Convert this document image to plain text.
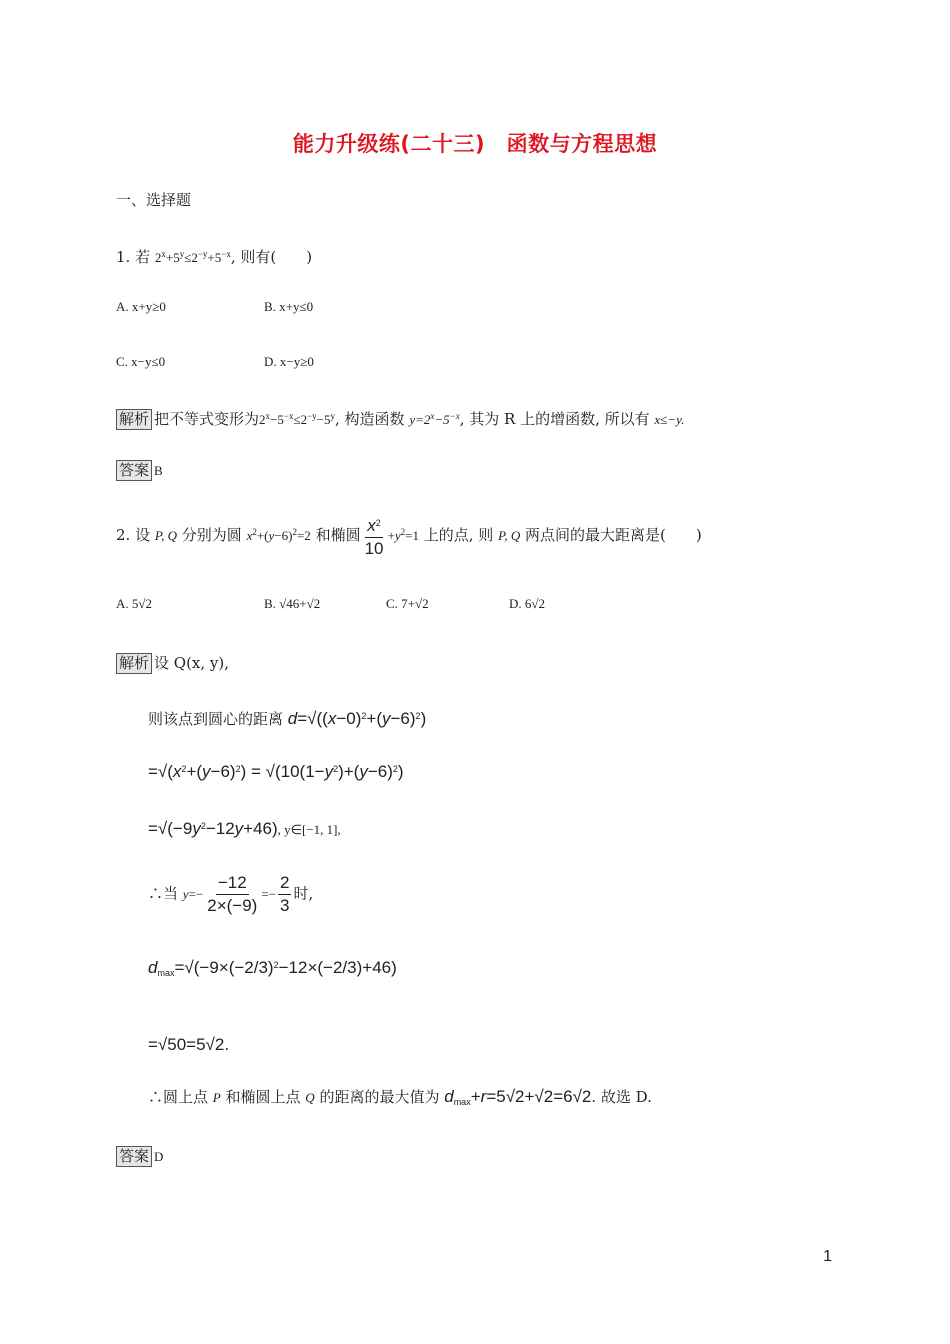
能力升级练(二十三)　函数与方程思想
一、选择题
1. 若 $2^x+5^y\le 2^{-y}+5^{-x}$, 则有(　　)
A. x+y≥0	B. x+y≤0
C. x−y≤0	D. x−y≥0
解析 把不等式变形为$2^x-5^{-x}\le 2^{-y}-5^y$, 构造函数 $y=2^x-5^{-x}$, 其为 R 上的增函数, 所以有 x≤−y.
答案 B
2. 设 P, Q 分别为圆 $x^2+(y-6)^2=2$ 和椭圆 $\frac{x^2}{10} +y^2=1$ 上的点, 则 P, Q 两点间的最大距离是(　　)
A. 5√2	B. √46+√2	C. 7+√2	D. 6√2
解析 设 Q(x, y),
则该点到圆心的距离 $d=√((x-0)^2+(y-6)^2)$
$=√(x^2+(y-6)^2) = √(10(1-y^2)+(y-6)^2)$
$=√(-9y^2-12y+46)$, y∈[−1, 1],
∴当 $y=- \frac{-12}{2\times(-9)} =- \frac{2}{3}$ 时,
$d_{max}=√(-9\times(-2/3)^2-12\times(-2/3)+46)$
=√50=5√2.
∴圆上点 P 和椭圆上点 Q 的距离的最大值为 $d_{max}+r=5√2+√2=6√2$. 故选 D.
答案 D
1
